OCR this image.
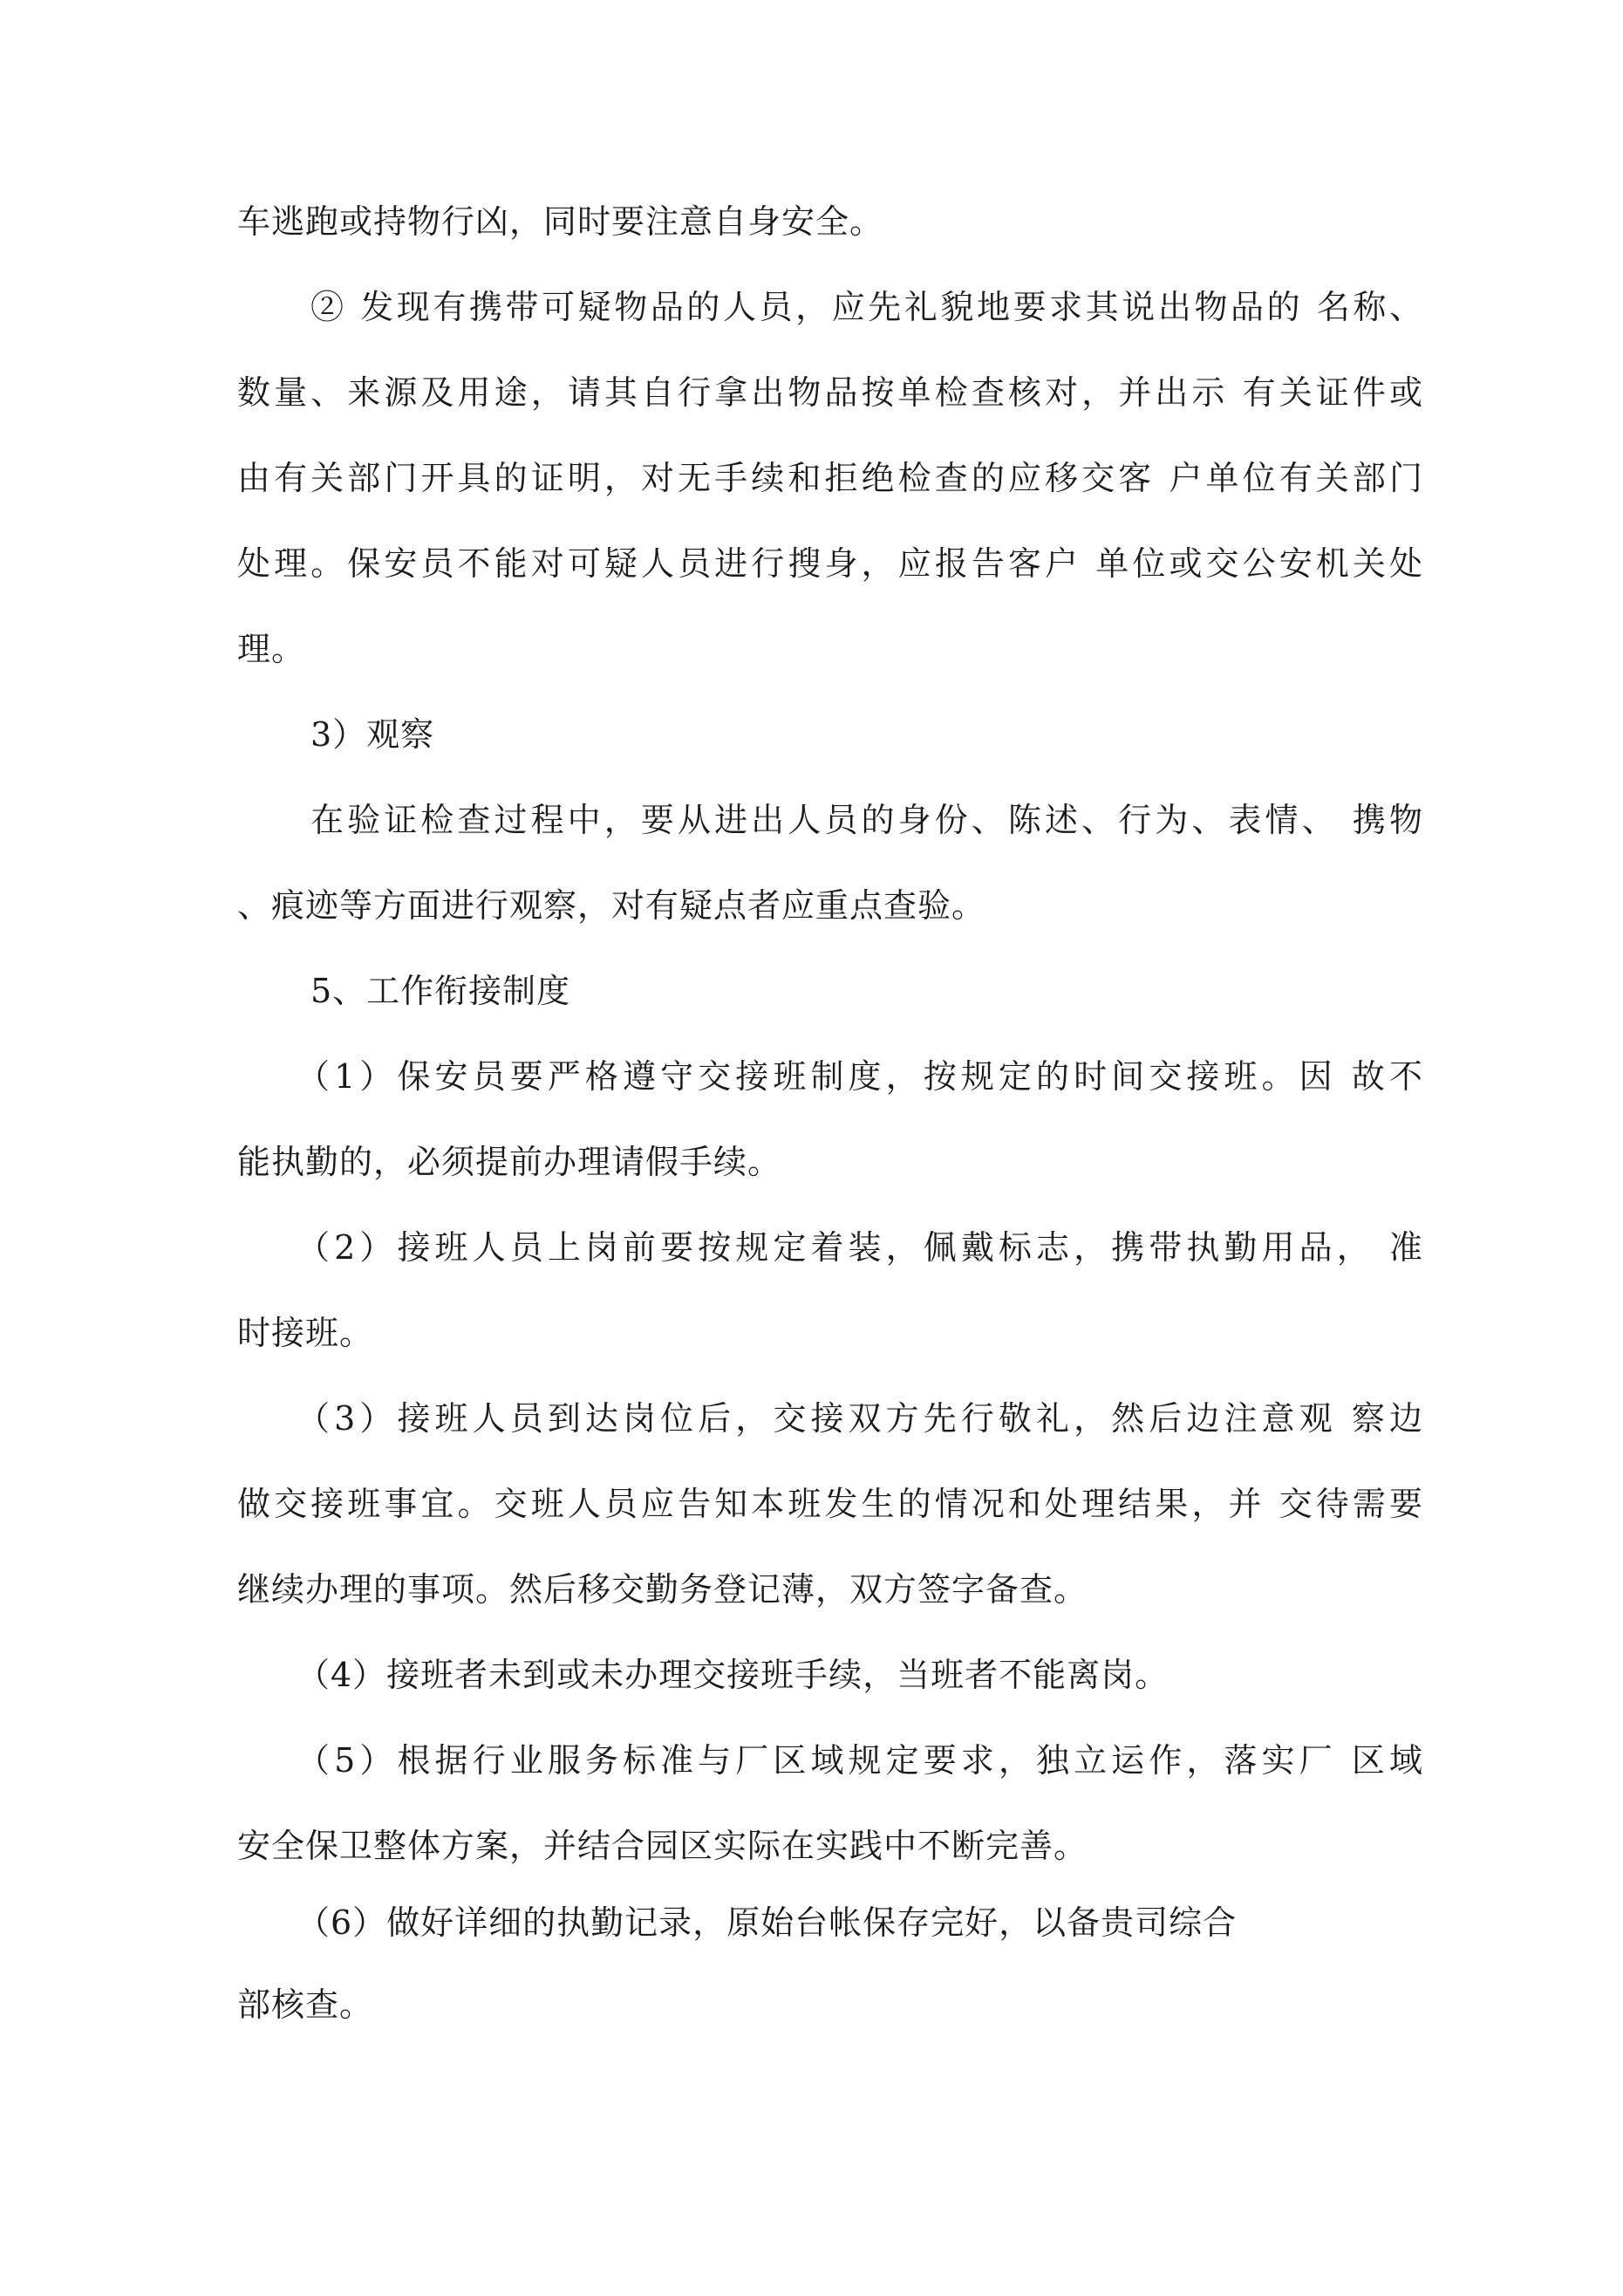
车逃跑或持物行凶，同时要注意自身安全。
② 发现有携带可疑物品的人员，应先礼貌地要求其说出物品的 名称、
数量、来源及用途，请其自行拿出物品按单检查核对，并出示 有关证件或
由有关部门开具的证明，对无手续和拒绝检查的应移交客 户单位有关部门
处理。保安员不能对可疑人员进行搜身，应报告客户 单位或交公安机关处
理。
3）观察
在验证检查过程中，要从进出人员的身份、陈述、行为、表情、 携物
、痕迹等方面进行观察，对有疑点者应重点查验。
5、工作衔接制度
（1）保安员要严格遵守交接班制度，按规定的时间交接班。因 故不
能执勤的，必须提前办理请假手续。
（2）接班人员上岗前要按规定着装，佩戴标志，携带执勤用品， 准
时接班。
（3）接班人员到达岗位后，交接双方先行敬礼，然后边注意观 察边
做交接班事宜。交班人员应告知本班发生的情况和处理结果，并 交待需要
继续办理的事项。然后移交勤务登记薄，双方签字备查。
（4）接班者未到或未办理交接班手续，当班者不能离岗。
（5）根据行业服务标准与厂区域规定要求，独立运作，落实厂 区域
安全保卫整体方案，并结合园区实际在实践中不断完善。
（6）做好详细的执勤记录，原始台帐保存完好，以备贵司综合
部核查。
